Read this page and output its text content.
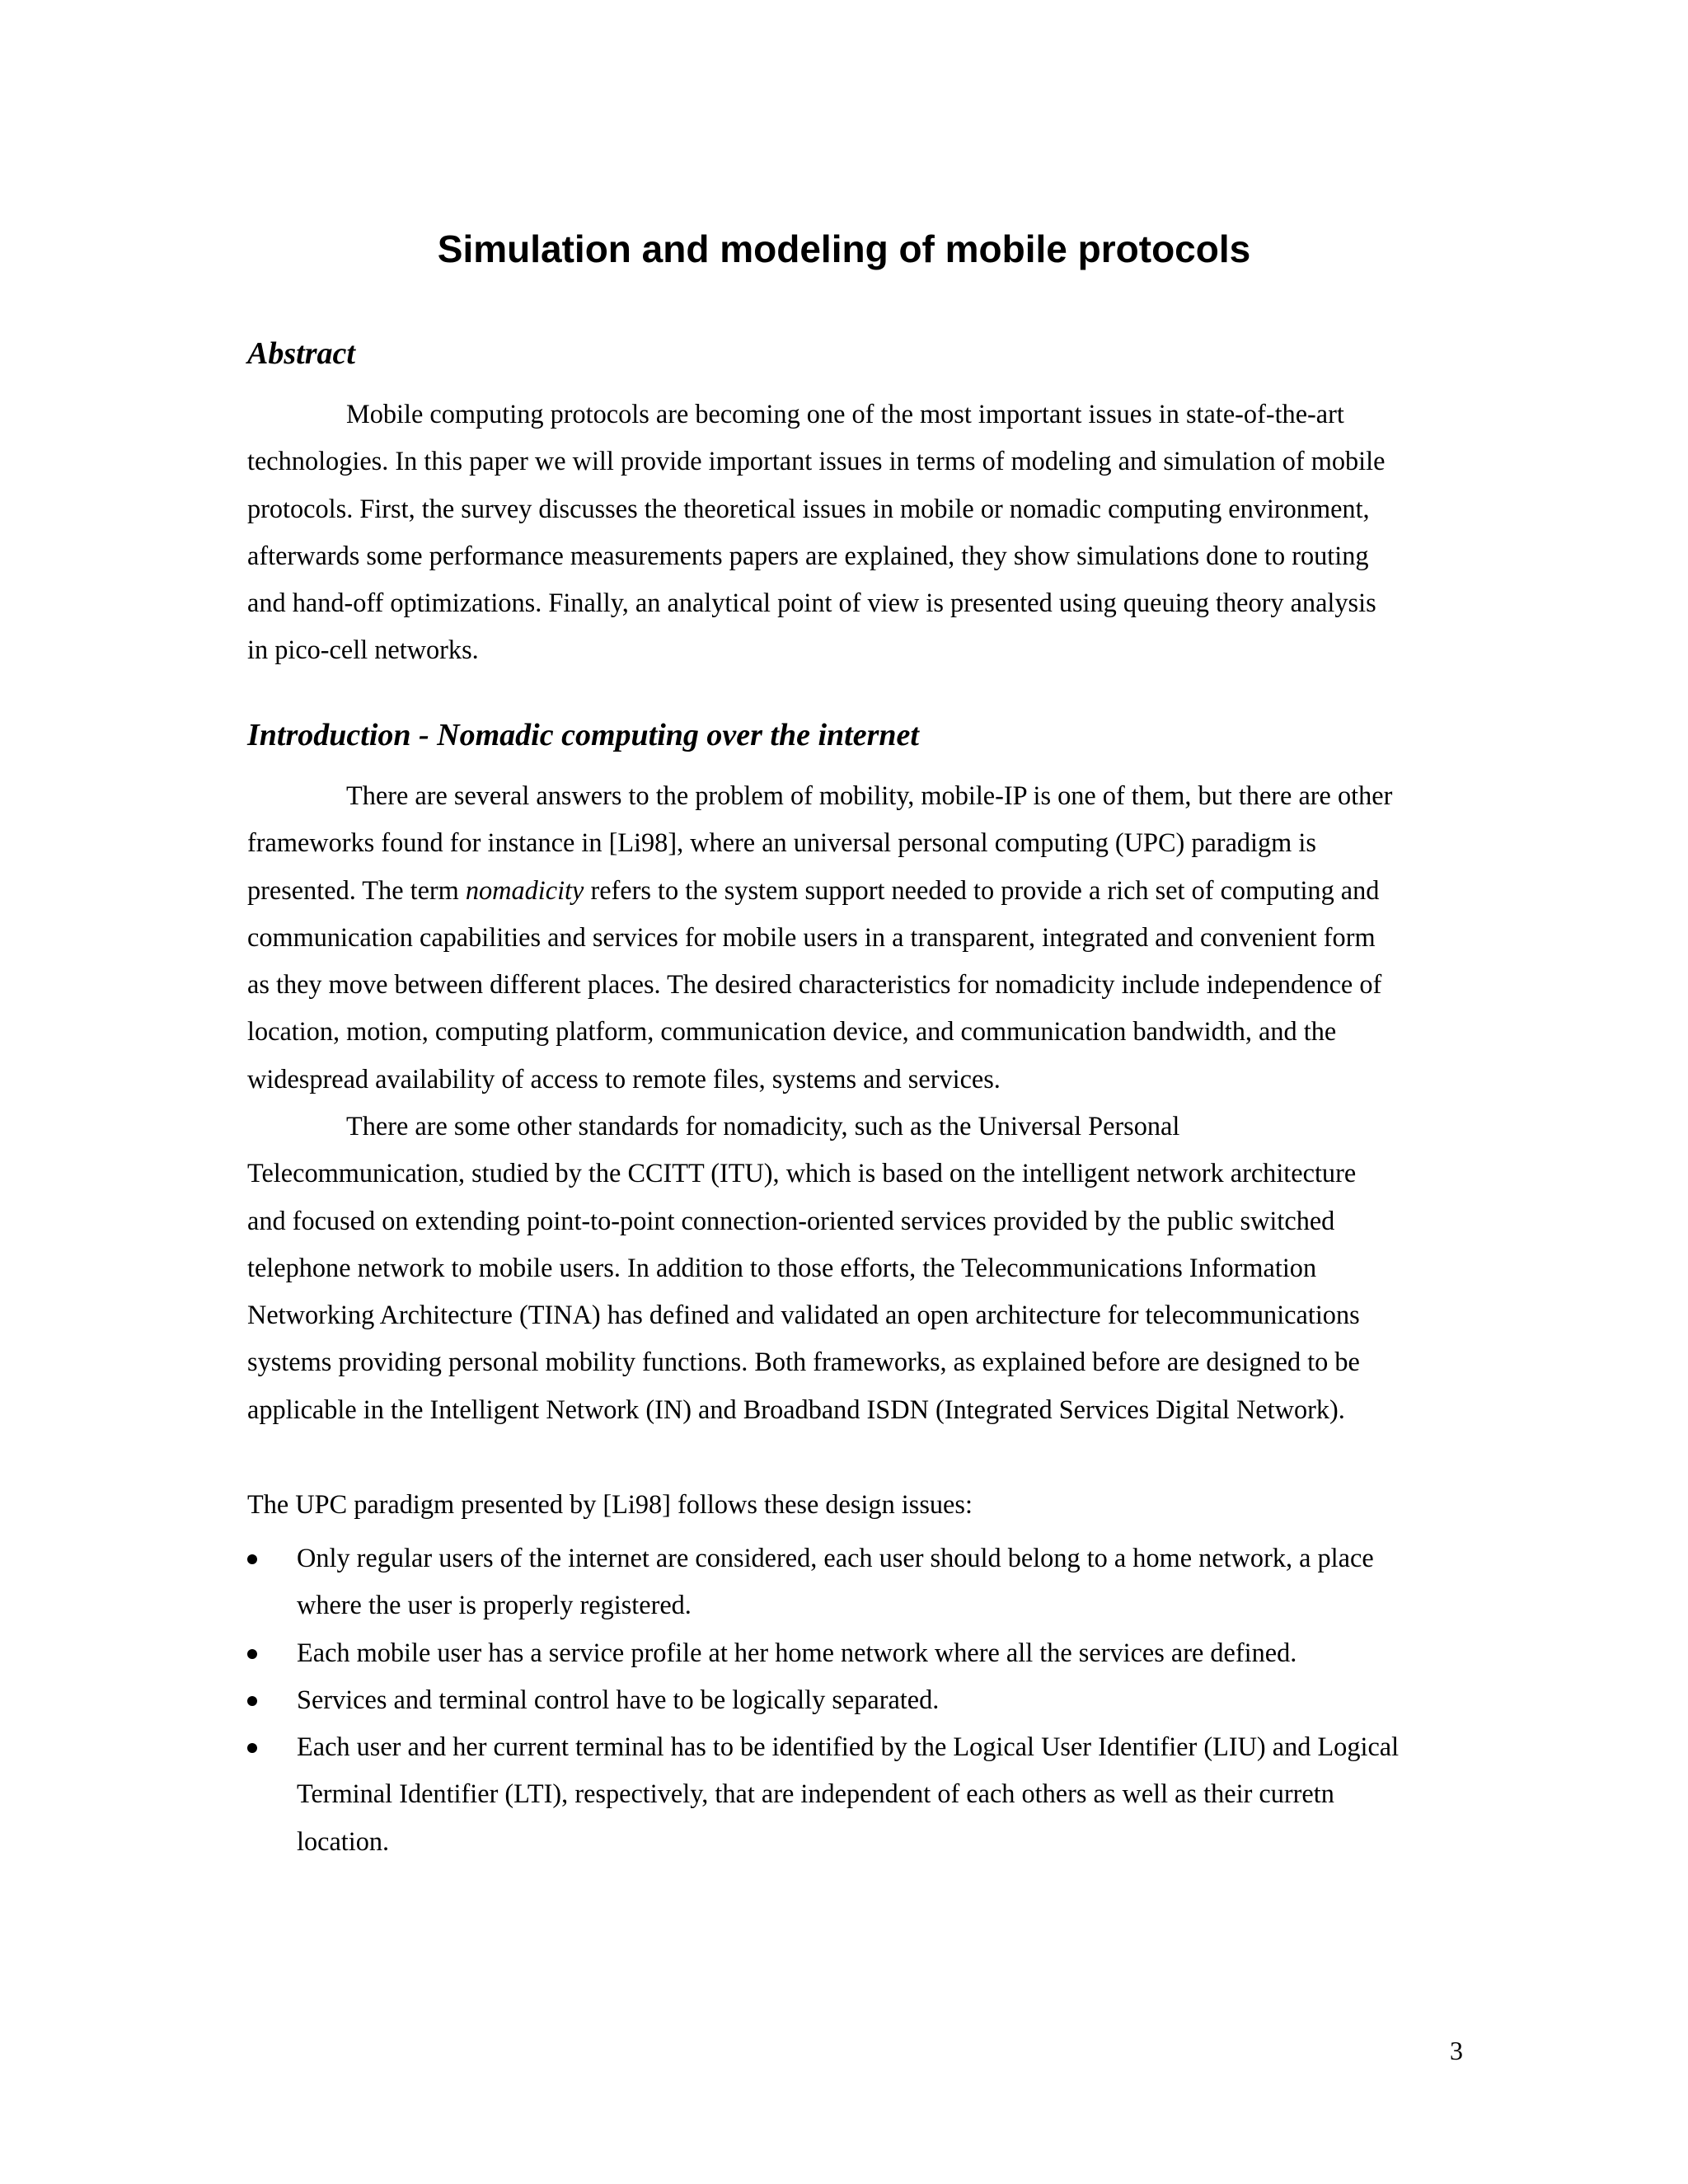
Simulation and modeling of mobile protocols
Abstract

Mobile computing protocols are becoming one of the most important issues in state-of-the-art
technologies. In this paper we will provide important issues in terms of modeling and simulation of mobile
protocols. First, the survey discusses the theoretical issues in mobile or nomadic computing environment,
afterwards some performance measurements papers are explained, they show simulations done to routing
and hand-off optimizations. Finally, an analytical point of view is presented using queuing theory analysis
in pico-cell networks.

Introduction - Nomadic computing over the internet

There are several answers to the problem of mobility, mobile-IP is one of them, but there are other
frameworks found for instance in [Li98], where an universal personal computing (UPC) paradigm is
presented. The term nomadicity refers to the system support needed to provide a rich set of computing and
communication capabilities and services for mobile users in a transparent, integrated and convenient form
as they move between different places. The desired characteristics for nomadicity include independence of
location, motion, computing platform, communication device, and communication bandwidth, and the
widespread availability of access to remote files, systems and services.

There are some other standards for nomadicity, such as the Universal Personal
Telecommunication, studied by the CCITT (ITU), which is based on the intelligent network architecture
and focused on extending point-to-point connection-oriented services provided by the public switched
telephone network to mobile users. In addition to those efforts, the Telecommunications Information
Networking Architecture (TINA) has defined and validated an open architecture for telecommunications
systems providing personal mobility functions. Both frameworks, as explained before are designed to be
applicable in the Intelligent Network (IN) and Broadband ISDN (Integrated Services Digital Network).

The UPC paradigm presented by [Li98] follows these design issues:

Only regular users of the internet are considered, each user should belong to a home network, a place
where the user is properly registered.
Each mobile user has a service profile at her home network where all the services are defined.
Services and terminal control have to be logically separated.
Each user and her current terminal has to be identified by the Logical User Identifier (LIU) and Logical
Terminal Identifier (LTI), respectively, that are independent of each others as well as their curretn
location.

3
